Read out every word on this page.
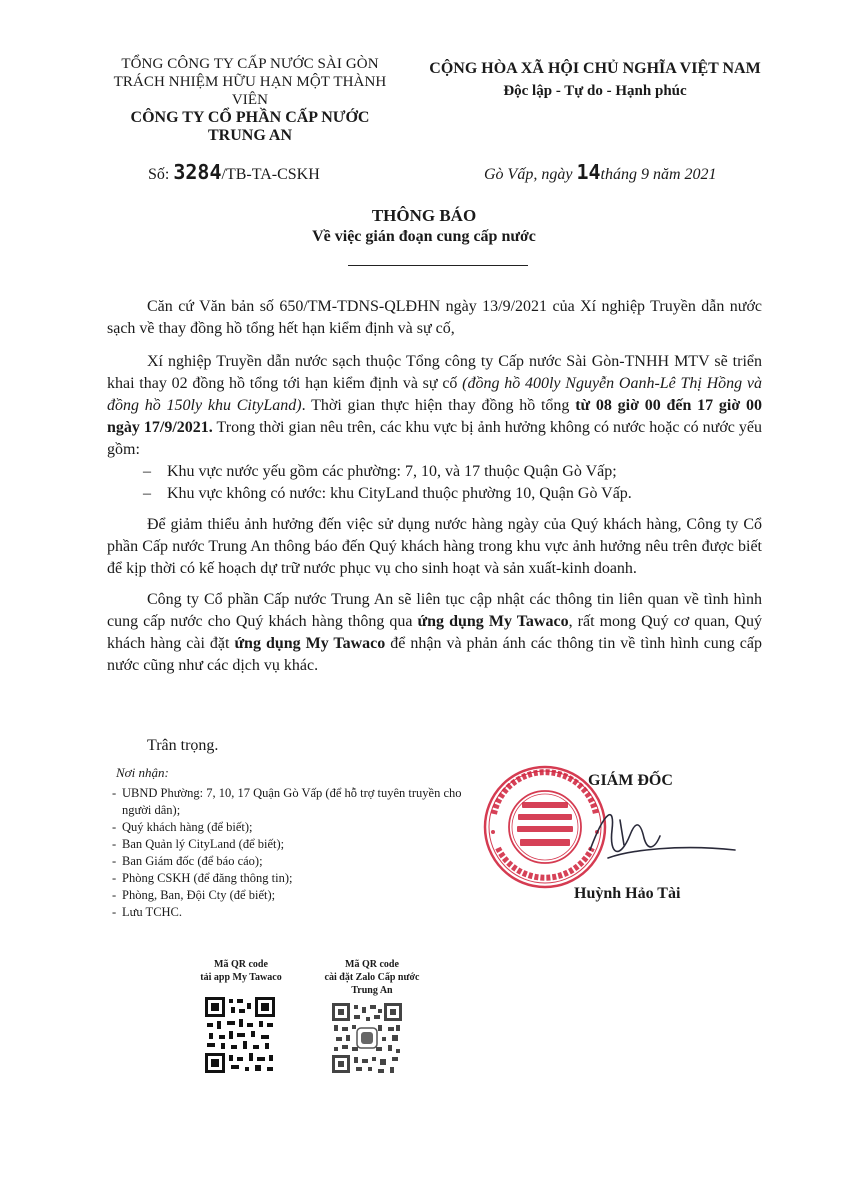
TỔNG CÔNG TY CẤP NƯỚC SÀI GÒN
TRÁCH NHIỆM HỮU HẠN MỘT THÀNH VIÊN
CÔNG TY CỔ PHẦN CẤP NƯỚC
TRUNG AN
CỘNG HÒA XÃ HỘI CHỦ NGHĨA VIỆT NAM
Độc lập - Tự do - Hạnh phúc
Số: 3284/TB-TA-CSKH	Gò Vấp, ngày 14tháng 9 năm 2021
THÔNG BÁO
Về việc gián đoạn cung cấp nước

Căn cứ Văn bản số 650/TM-TDNS-QLĐHN ngày 13/9/2021 của Xí nghiệp Truyền dẫn nước sạch về thay đồng hồ tổng hết hạn kiểm định và sự cố,

Xí nghiệp Truyền dẫn nước sạch thuộc Tổng công ty Cấp nước Sài Gòn-TNHH MTV sẽ triển khai thay 02 đồng hồ tổng tới hạn kiểm định và sự cố (đồng hồ 400ly Nguyễn Oanh-Lê Thị Hồng và đồng hồ 150ly khu CityLand). Thời gian thực hiện thay đồng hồ tổng từ 08 giờ 00 đến 17 giờ 00 ngày 17/9/2021. Trong thời gian nêu trên, các khu vực bị ảnh hưởng không có nước hoặc có nước yếu gồm:

– Khu vực nước yếu gồm các phường: 7, 10, và 17 thuộc Quận Gò Vấp;
– Khu vực không có nước: khu CityLand thuộc phường 10, Quận Gò Vấp.

Để giảm thiểu ảnh hưởng đến việc sử dụng nước hàng ngày của Quý khách hàng, Công ty Cổ phần Cấp nước Trung An thông báo đến Quý khách hàng trong khu vực ảnh hưởng nêu trên được biết để kịp thời có kế hoạch dự trữ nước phục vụ cho sinh hoạt và sản xuất-kinh doanh.

Công ty Cổ phần Cấp nước Trung An sẽ liên tục cập nhật các thông tin liên quan về tình hình cung cấp nước cho Quý khách hàng thông qua ứng dụng My Tawaco, rất mong Quý cơ quan, Quý khách hàng cài đặt ứng dụng My Tawaco để nhận và phản ánh các thông tin về tình hình cung cấp nước cũng như các dịch vụ khác.

Trân trọng.
Nơi nhận:
- UBND Phường: 7, 10, 17 Quận Gò Vấp (để hỗ trợ tuyên truyền cho người dân);
- Quý khách hàng (để biết);
- Ban Quản lý CityLand (để biết);
- Ban Giám đốc (để báo cáo);
- Phòng CSKH (để đăng thông tin);
- Phòng, Ban, Đội Cty (để biết);
- Lưu TCHC.
GIÁM ĐỐC
Huỳnh Hảo Tài
Mã QR code
tải app My Tawaco
Mã QR code
cài đặt Zalo Cấp nước
Trung An
